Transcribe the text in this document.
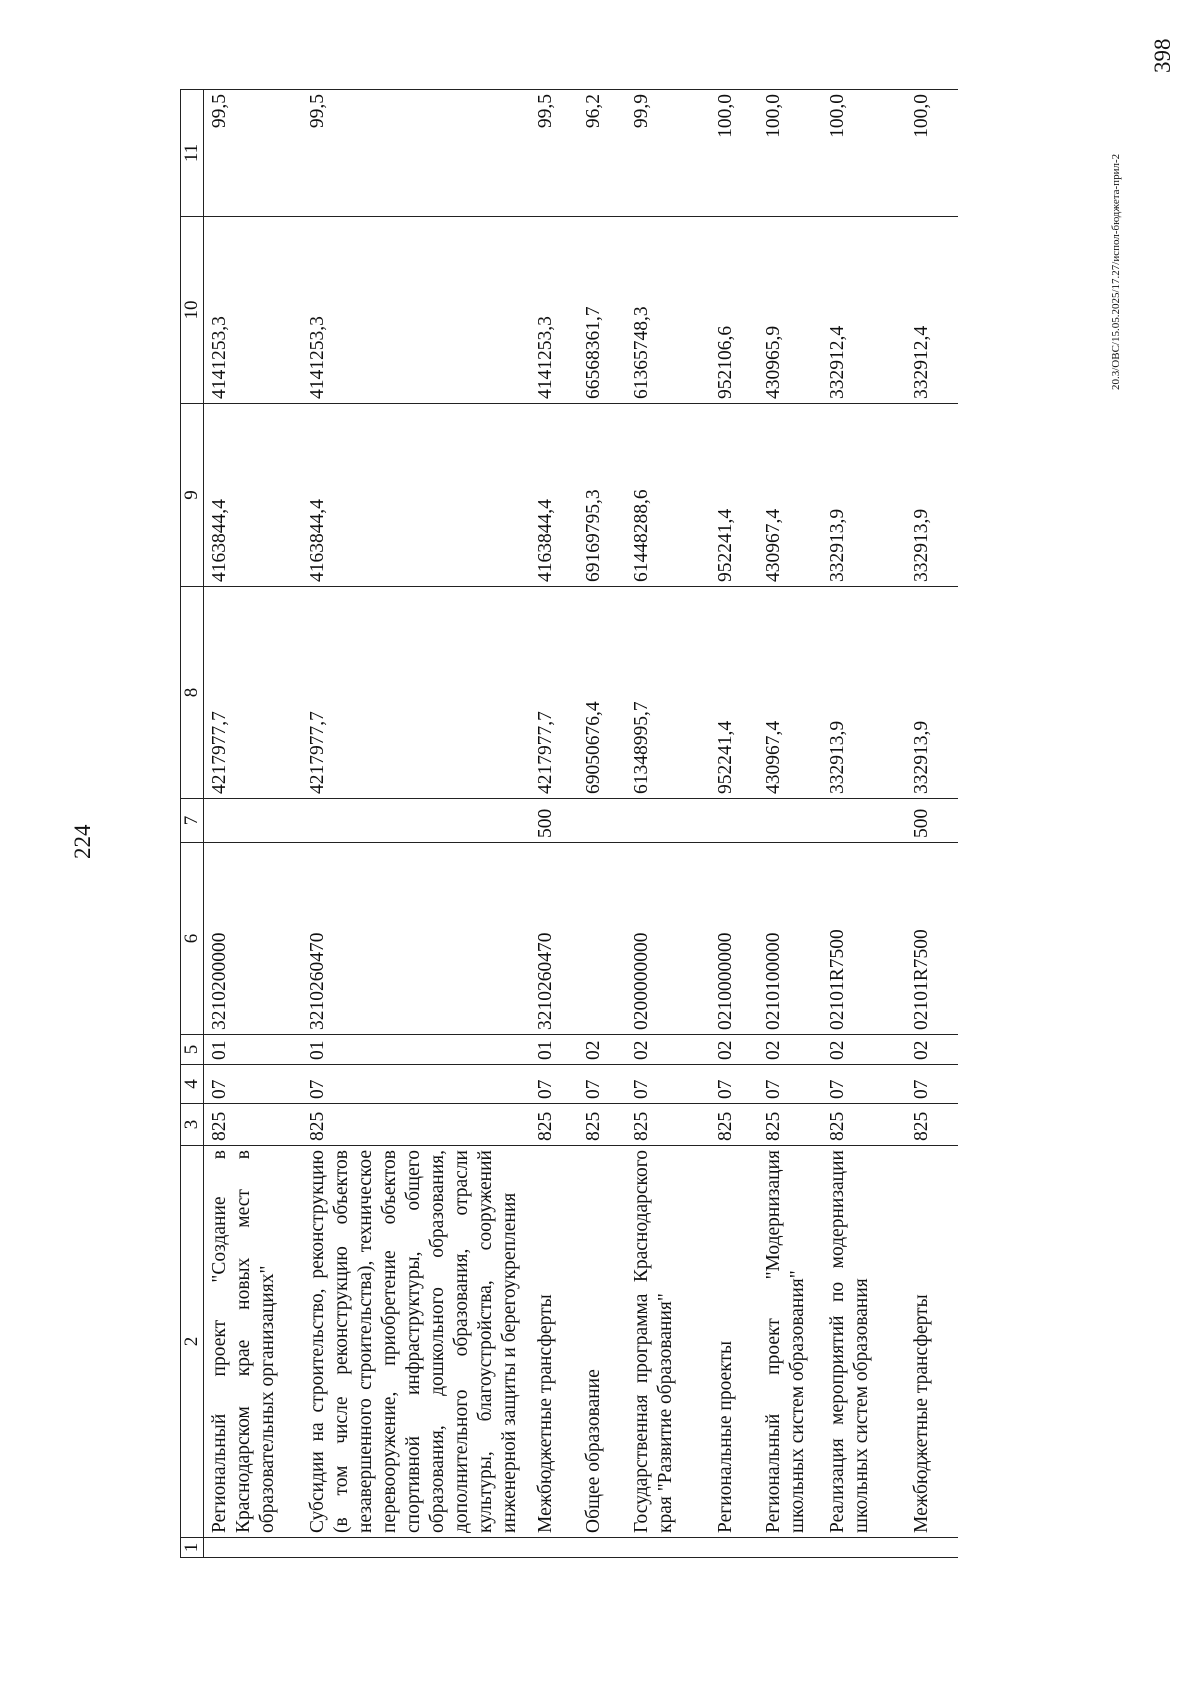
224
1	2	3	4	5	6	7	8	9	10	11
	Региональный проект "Создание в Краснодарском крае новых мест в образовательных организациях"	825	07	01	3210200000		4217977,7	4163844,4	4141253,3	99,5
	Субсидии на строительство, реконструкцию (в том числе реконструкцию объектов незавершенного строительства), техническое перевооружение, приобретение объектов спортивной инфраструктуры, общего образования, дошкольного образования, дополнительного образования, отрасли культуры, благоустройства, сооружений инженерной защиты и берегоукрепления	825	07	01	3210260470		4217977,7	4163844,4	4141253,3	99,5
	Межбюджетные трансферты	825	07	01	3210260470	500	4217977,7	4163844,4	4141253,3	99,5
	Общее образование	825	07	02			69050676,4	69169795,3	66568361,7	96,2
	Государственная программа Краснодарского края "Развитие образования"	825	07	02	0200000000		61348995,7	61448288,6	61365748,3	99,9
	Региональные проекты	825	07	02	0210000000		952241,4	952241,4	952106,6	100,0
	Региональный проект "Модернизация школьных систем образования"	825	07	02	0210100000		430967,4	430967,4	430965,9	100,0
	Реализация мероприятий по модернизации школьных систем образования	825	07	02	02101R7500		332913,9	332913,9	332912,4	100,0
	Межбюджетные трансферты	825	07	02	02101R7500	500	332913,9	332913,9	332912,4	100,0
20.3/ОВС/15.05.2025/17.27/испол-бюджета-прил-2
398
